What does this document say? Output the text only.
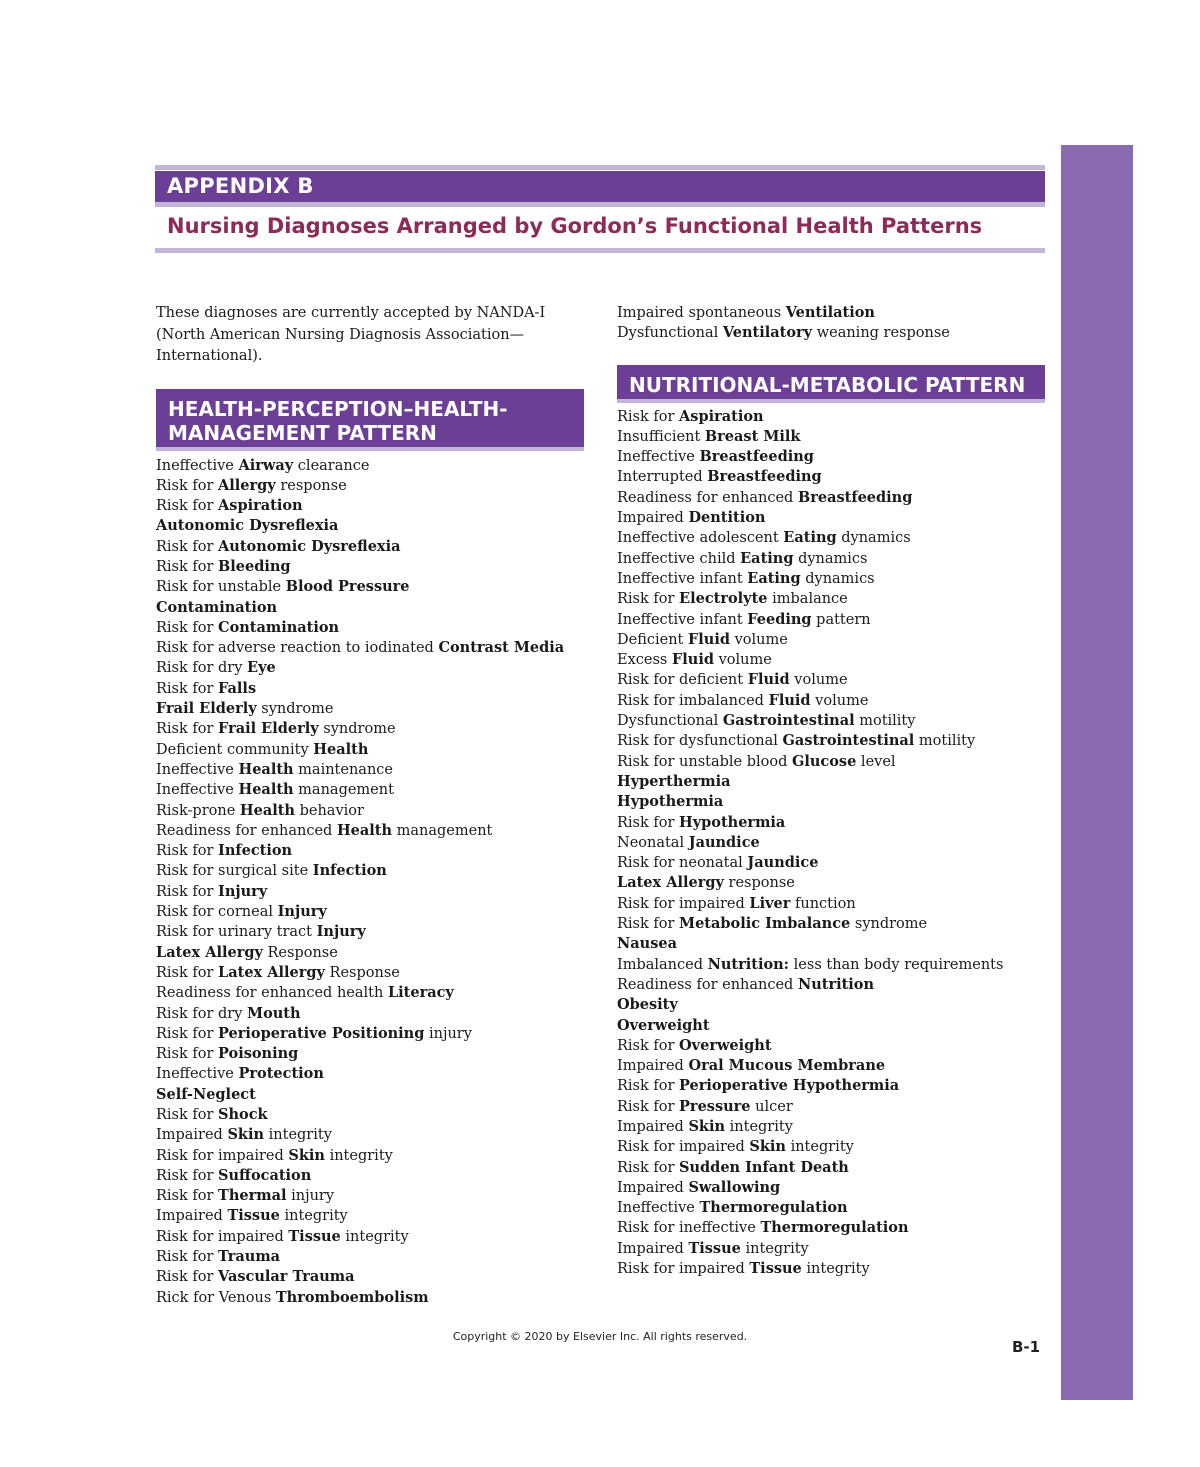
APPENDIX B
Nursing Diagnoses Arranged by Gordon’s Functional Health Patterns

These diagnoses are currently accepted by NANDA-I (North American Nursing Diagnosis Association—International).

HEALTH-PERCEPTION–HEALTH-MANAGEMENT PATTERN
Ineffective Airway clearance
Risk for Allergy response
Risk for Aspiration
Autonomic Dysreflexia
Risk for Autonomic Dysreflexia
Risk for Bleeding
Risk for unstable Blood Pressure
Contamination
Risk for Contamination
Risk for adverse reaction to iodinated Contrast Media
Risk for dry Eye
Risk for Falls
Frail Elderly syndrome
Risk for Frail Elderly syndrome
Deficient community Health
Ineffective Health maintenance
Ineffective Health management
Risk-prone Health behavior
Readiness for enhanced Health management
Risk for Infection
Risk for surgical site Infection
Risk for Injury
Risk for corneal Injury
Risk for urinary tract Injury
Latex Allergy Response
Risk for Latex Allergy Response
Readiness for enhanced health Literacy
Risk for dry Mouth
Risk for Perioperative Positioning injury
Risk for Poisoning
Ineffective Protection
Self-Neglect
Risk for Shock
Impaired Skin integrity
Risk for impaired Skin integrity
Risk for Suffocation
Risk for Thermal injury
Impaired Tissue integrity
Risk for impaired Tissue integrity
Risk for Trauma
Risk for Vascular Trauma
Rick for Venous Thromboembolism
Impaired spontaneous Ventilation
Dysfunctional Ventilatory weaning response
NUTRITIONAL-METABOLIC PATTERN
Risk for Aspiration
Insufficient Breast Milk
Ineffective Breastfeeding
Interrupted Breastfeeding
Readiness for enhanced Breastfeeding
Impaired Dentition
Ineffective adolescent Eating dynamics
Ineffective child Eating dynamics
Ineffective infant Eating dynamics
Risk for Electrolyte imbalance
Ineffective infant Feeding pattern
Deficient Fluid volume
Excess Fluid volume
Risk for deficient Fluid volume
Risk for imbalanced Fluid volume
Dysfunctional Gastrointestinal motility
Risk for dysfunctional Gastrointestinal motility
Risk for unstable blood Glucose level
Hyperthermia
Hypothermia
Risk for Hypothermia
Neonatal Jaundice
Risk for neonatal Jaundice
Latex Allergy response
Risk for impaired Liver function
Risk for Metabolic Imbalance syndrome
Nausea
Imbalanced Nutrition: less than body requirements
Readiness for enhanced Nutrition
Obesity
Overweight
Risk for Overweight
Impaired Oral Mucous Membrane
Risk for Perioperative Hypothermia
Risk for Pressure ulcer
Impaired Skin integrity
Risk for impaired Skin integrity
Risk for Sudden Infant Death
Impaired Swallowing
Ineffective Thermoregulation
Risk for ineffective Thermoregulation
Impaired Tissue integrity
Risk for impaired Tissue integrity
Copyright © 2020 by Elsevier Inc. All rights reserved.
B-1
